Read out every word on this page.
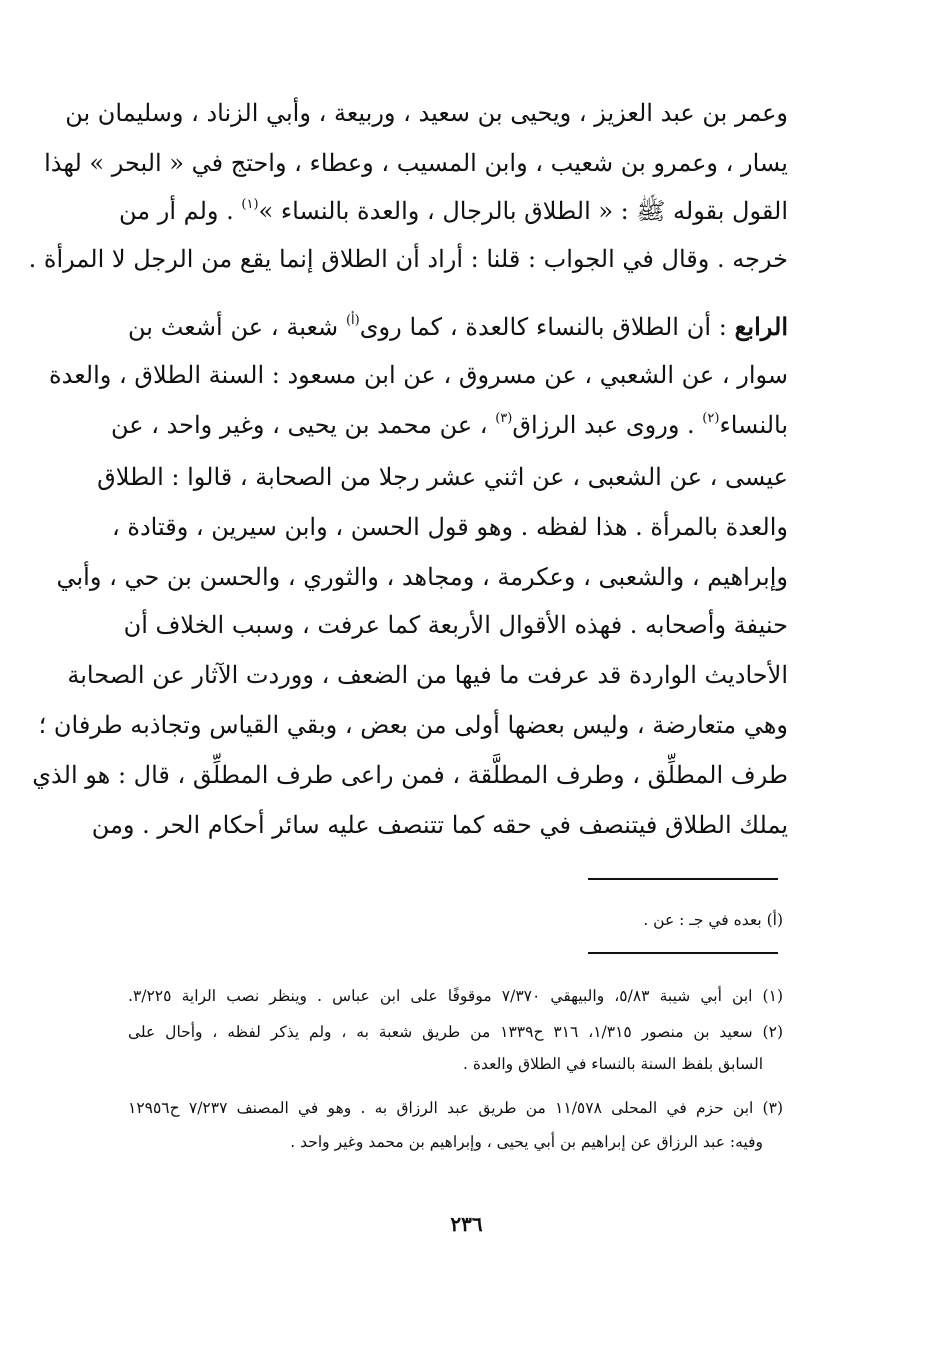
وعمر بن عبد العزيز ، ويحيى بن سعيد ، وربيعة ، وأبي الزناد ، وسليمان بن
يسار ، وعمرو بن شعيب ، وابن المسيب ، وعطاء ، واحتج في « البحر » لهذا
القول بقوله ﷺ : « الطلاق بالرجال ، والعدة بالنساء »$^{(١)}$ . ولم أر من
خرجه . وقال في الجواب : قلنا : أراد أن الطلاق إنما يقع من الرجل لا المرأة .
الرابع : أن الطلاق بالنساء كالعدة ، كما روى$^{(أ)}$ شعبة ، عن أشعث بن
سوار ، عن الشعبي ، عن مسروق ، عن ابن مسعود : السنة الطلاق ، والعدة
بالنساء$^{(٢)}$ . وروى عبد الرزاق$^{(٣)}$ ، عن محمد بن يحيى ، وغير واحد ، عن
عيسى ، عن الشعبى ، عن اثني عشر رجلا من الصحابة ، قالوا : الطلاق
والعدة بالمرأة . هذا لفظه . وهو قول الحسن ، وابن سيرين ، وقتادة ،
وإبراهيم ، والشعبى ، وعكرمة ، ومجاهد ، والثوري ، والحسن بن حي ، وأبي
حنيفة وأصحابه . فهذه الأقوال الأربعة كما عرفت ، وسبب الخلاف أن
الأحاديث الواردة قد عرفت ما فيها من الضعف ، ووردت الآثار عن الصحابة
وهي متعارضة ، وليس بعضها أولى من بعض ، وبقي القياس وتجاذبه طرفان ؛
طرف المطلِّق ، وطرف المطلَّقة ، فمن راعى طرف المطلِّق ، قال : هو الذي
يملك الطلاق فيتنصف في حقه كما تتنصف عليه سائر أحكام الحر . ومن
(أ) بعده في جـ : عن .
(١) ابن أبي شيبة ٥/٨٣، والبيهقي ٧/٣٧٠ موقوفًا على ابن عباس . وينظر نصب الراية ٣/٢٢٥.
(٢) سعيد بن منصور ١/٣١٥، ٣١٦ ح١٣٣٩ من طريق شعبة به ، ولم يذكر لفظه ، وأحال على
السابق بلفظ السنة بالنساء في الطلاق والعدة .
(٣) ابن حزم في المحلى ١١/٥٧٨ من طريق عبد الرزاق به . وهو في المصنف ٧/٢٣٧ ح١٢٩٥٦
وفيه: عبد الرزاق عن إبراهيم بن أبي يحيى ، وإبراهيم بن محمد وغير واحد .
٢٣٦
